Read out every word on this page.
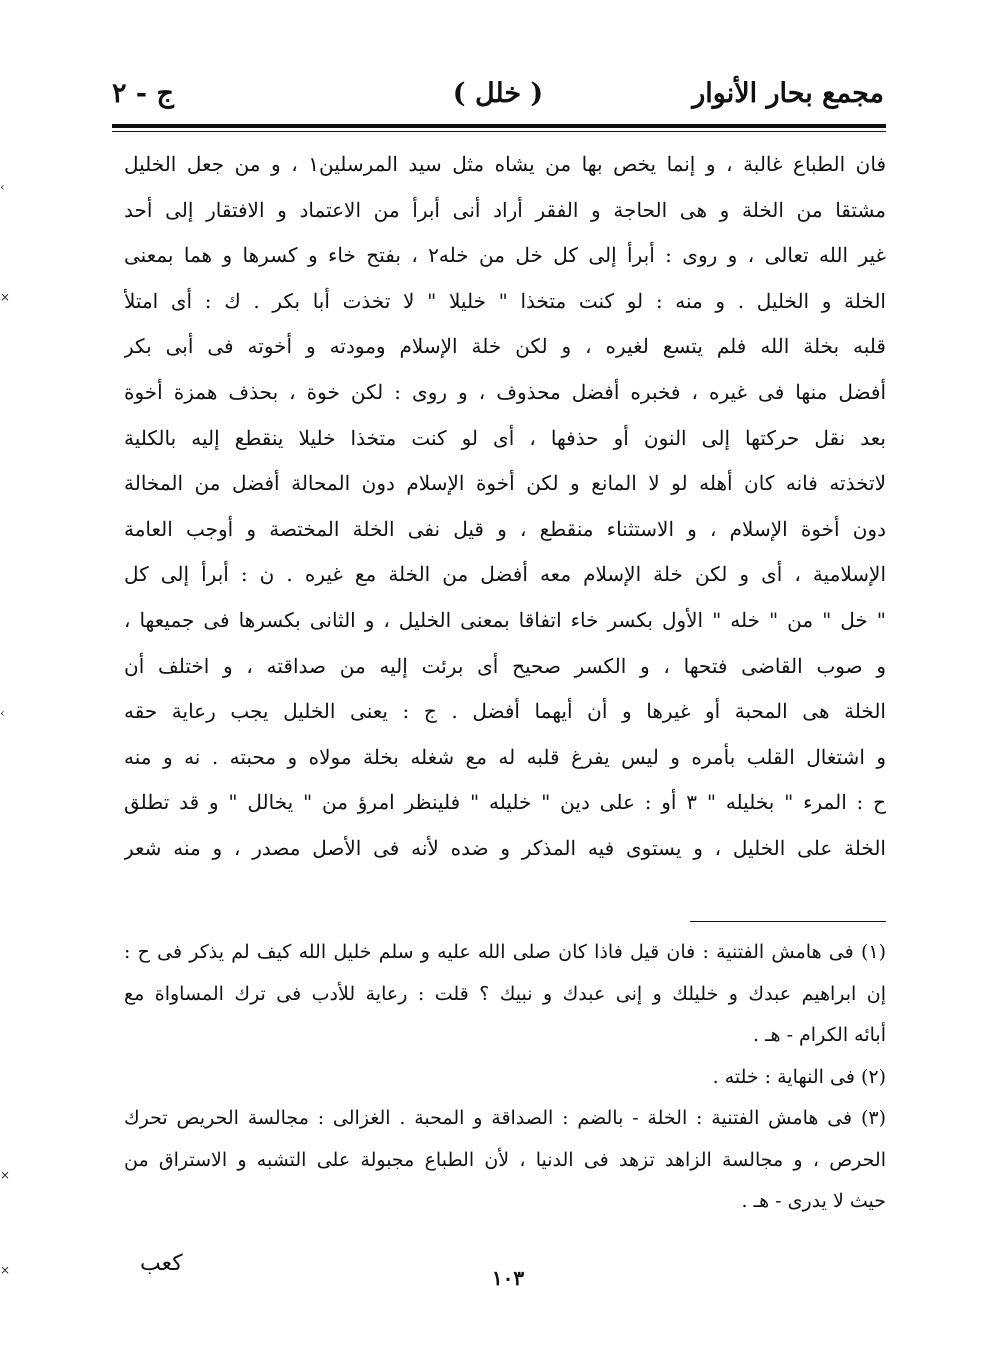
مجمع بحار الأنوار
( خلل )
ج - ٢
فان الطباع غالبة ، و إنما يخص بها من يشاه مثل سيد المرسلين١ ، و من جعل الخليل
مشتقا من الخلة و هى الحاجة و الفقر أراد أنى أبرأ من الاعتماد و الافتقار إلى أحد
غير الله تعالى ، و روى : أبرأ إلى كل خل من خله٢ ، بفتح خاء و كسرها و هما بمعنى
الخلة و الخليل . و منه : لو كنت متخذا " خليلا " لا تخذت أبا بكر . ك : أى امتلأ
قلبه بخلة الله فلم يتسع لغيره ، و لكن خلة الإسلام ومودته و أخوته فى أبى بكر
أفضل منها فى غيره ، فخبره أفضل محذوف ، و روى : لكن خوة ، بحذف همزة أخوة
بعد نقل حركتها إلى النون أو حذفها ، أى لو كنت متخذا خليلا ينقطع إليه بالكلية
لاتخذته فانه كان أهله لو لا المانع و لكن أخوة الإسلام دون المحالة أفضل من المخالة
دون أخوة الإسلام ، و الاستثناء منقطع ، و قيل نفى الخلة المختصة و أوجب العامة
الإسلامية ، أى و لكن خلة الإسلام معه أفضل من الخلة مع غيره . ن : أبرأ إلى كل
" خل " من " خله " الأول بكسر خاء اتفاقا بمعنى الخليل ، و الثانى بكسرها فى جميعها ،
و صوب القاضى فتحها ، و الكسر صحيح أى برئت إليه من صداقته ، و اختلف أن
الخلة هى المحبة أو غيرها و أن أيهما أفضل . ج : يعنى الخليل يجب رعاية حقه
و اشتغال القلب بأمره و ليس يفرغ قلبه له مع شغله بخلة مولاه و محبته . نه و منه
ح : المرء " بخليله " ٣ أو : على دين " خليله " فلينظر امرؤ من " يخالل " و قد تطلق
الخلة على الخليل ، و يستوى فيه المذكر و ضده لأنه فى الأصل مصدر ، و منه شعر
(١) فى هامش الفتنية : فان قيل فاذا كان صلى الله عليه و سلم خليل الله كيف لم يذكر فى ح :
إن ابراهيم عبدك و خليلك و إنى عبدك و نبيك ؟ قلت : رعاية للأدب فى ترك المساواة مع
أبائه الكرام - هـ .
(٢) فى النهاية : خلته .
(٣) فى هامش الفتنية : الخلة - بالضم : الصداقة و المحبة . الغزالى : مجالسة الحريص تحرك
الحرص ، و مجالسة الزاهد تزهد فى الدنيا ، لأن الطباع مجبولة على التشبه و الاستراق من
حيث لا يدرى - هـ .
١٠٣
كعب
‹
×
‹
×
×
